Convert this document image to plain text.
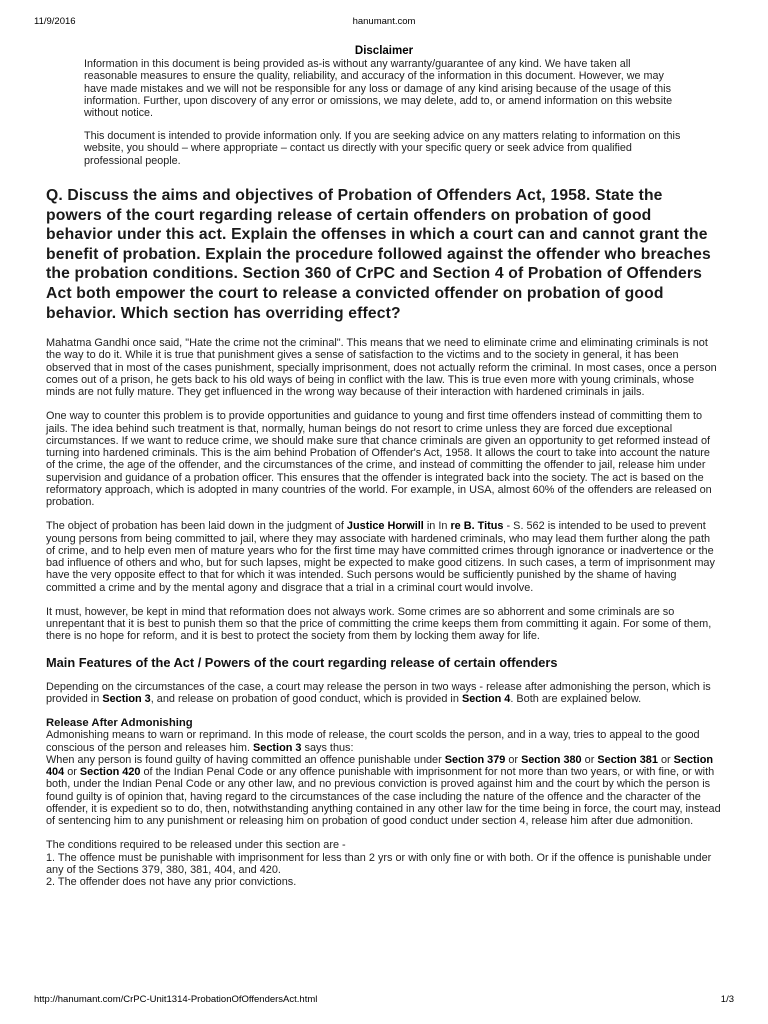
11/9/2016	hanumant.com
Disclaimer

Information in this document is being provided as-is without any warranty/guarantee of any kind. We have taken all reasonable measures to ensure the quality, reliability, and accuracy of the information in this document. However, we may have made mistakes and we will not be responsible for any loss or damage of any kind arising because of the usage of this information. Further, upon discovery of any error or omissions, we may delete, add to, or amend information on this website without notice.

This document is intended to provide information only. If you are seeking advice on any matters relating to information on this website, you should – where appropriate – contact us directly with your specific query or seek advice from qualified professional people.

Q. Discuss the aims and objectives of Probation of Offenders Act, 1958. State the powers of the court regarding release of certain offenders on probation of good behavior under this act. Explain the offenses in which a court can and cannot grant the benefit of probation. Explain the procedure followed against the offender who breaches the probation conditions. Section 360 of CrPC and Section 4 of Probation of Offenders Act both empower the court to release a convicted offender on probation of good behavior. Which section has overriding effect?

Mahatma Gandhi once said, "Hate the crime not the criminal". This means that we need to eliminate crime and eliminating criminals is not the way to do it. While it is true that punishment gives a sense of satisfaction to the victims and to the society in general, it has been observed that in most of the cases punishment, specially imprisonment, does not actually reform the criminal. In most cases, once a person comes out of a prison, he gets back to his old ways of being in conflict with the law. This is true even more with young criminals, whose minds are not fully mature. They get influenced in the wrong way because of their interaction with hardened criminals in jails.

One way to counter this problem is to provide opportunities and guidance to young and first time offenders instead of committing them to jails. The idea behind such treatment is that, normally, human beings do not resort to crime unless they are forced due exceptional circumstances. If we want to reduce crime, we should make sure that chance criminals are given an opportunity to get reformed instead of turning into hardened criminals. This is the aim behind Probation of Offender's Act, 1958. It allows the court to take into account the nature of the crime, the age of the offender, and the circumstances of the crime, and instead of committing the offender to jail, release him under supervision and guidance of a probation officer. This ensures that the offender is integrated back into the society. The act is based on the reformatory approach, which is adopted in many countries of the world. For example, in USA, almost 60% of the offenders are released on probation.

The object of probation has been laid down in the judgment of Justice Horwill in In re B. Titus - S. 562 is intended to be used to prevent young persons from being committed to jail, where they may associate with hardened criminals, who may lead them further along the path of crime, and to help even men of mature years who for the first time may have committed crimes through ignorance or inadvertence or the bad influence of others and who, but for such lapses, might be expected to make good citizens. In such cases, a term of imprisonment may have the very opposite effect to that for which it was intended. Such persons would be sufficiently punished by the shame of having committed a crime and by the mental agony and disgrace that a trial in a criminal court would involve.

It must, however, be kept in mind that reformation does not always work. Some crimes are so abhorrent and some criminals are so unrepentant that it is best to punish them so that the price of committing the crime keeps them from committing it again. For some of them, there is no hope for reform, and it is best to protect the society from them by locking them away for life.

Main Features of the Act / Powers of the court regarding release of certain offenders

Depending on the circumstances of the case, a court may release the person in two ways - release after admonishing the person, which is provided in Section 3, and release on probation of good conduct, which is provided in Section 4. Both are explained below.

Release After Admonishing
Admonishing means to warn or reprimand. In this mode of release, the court scolds the person, and in a way, tries to appeal to the good conscious of the person and releases him. Section 3 says thus:

When any person is found guilty of having committed an offence punishable under Section 379 or Section 380 or Section 381 or Section 404 or Section 420 of the Indian Penal Code or any offence punishable with imprisonment for not more than two years, or with fine, or with both, under the Indian Penal Code or any other law, and no previous conviction is proved against him and the court by which the person is found guilty is of opinion that, having regard to the circumstances of the case including the nature of the offence and the character of the offender, it is expedient so to do, then, notwithstanding anything contained in any other law for the time being in force, the court may, instead of sentencing him to any punishment or releasing him on probation of good conduct under section 4, release him after due admonition.

The conditions required to be released under this section are -
1. The offence must be punishable with imprisonment for less than 2 yrs or with only fine or with both. Or if the offence is punishable under any of the Sections 379, 380, 381, 404, and 420.
2. The offender does not have any prior convictions.
http://hanumant.com/CrPC-Unit1314-ProbationOfOffendersAct.html	1/3
